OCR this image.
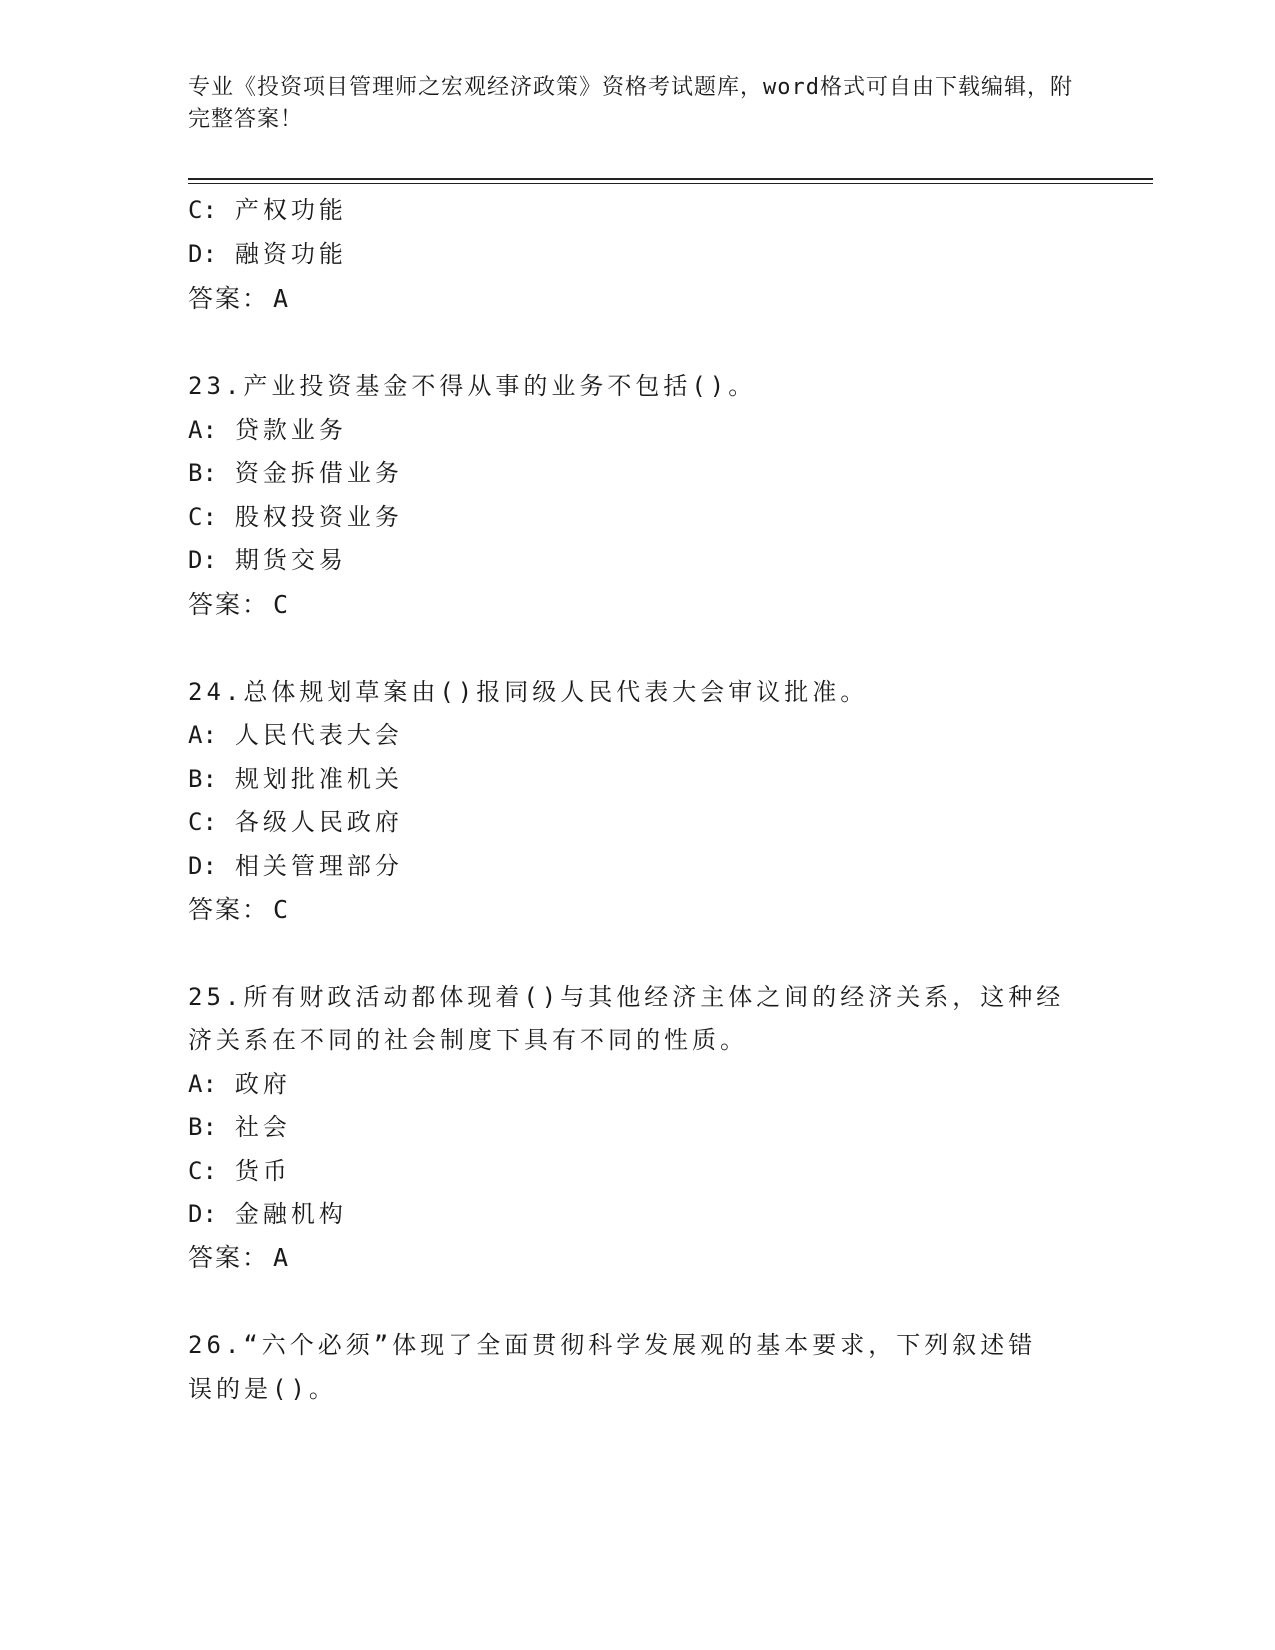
专业《投资项目管理师之宏观经济政策》资格考试题库，word格式可自由下载编辑，附完整答案！
C: 产权功能
D: 融资功能
答案： A
23.产业投资基金不得从事的业务不包括()。
A: 贷款业务
B: 资金拆借业务
C: 股权投资业务
D: 期货交易
答案： C
24.总体规划草案由()报同级人民代表大会审议批准。
A: 人民代表大会
B: 规划批准机关
C: 各级人民政府
D: 相关管理部分
答案： C
25.所有财政活动都体现着()与其他经济主体之间的经济关系，这种经
济关系在不同的社会制度下具有不同的性质。
A: 政府
B: 社会
C: 货币
D: 金融机构
答案： A
26.“六个必须”体现了全面贯彻科学发展观的基本要求，下列叙述错
误的是()。
